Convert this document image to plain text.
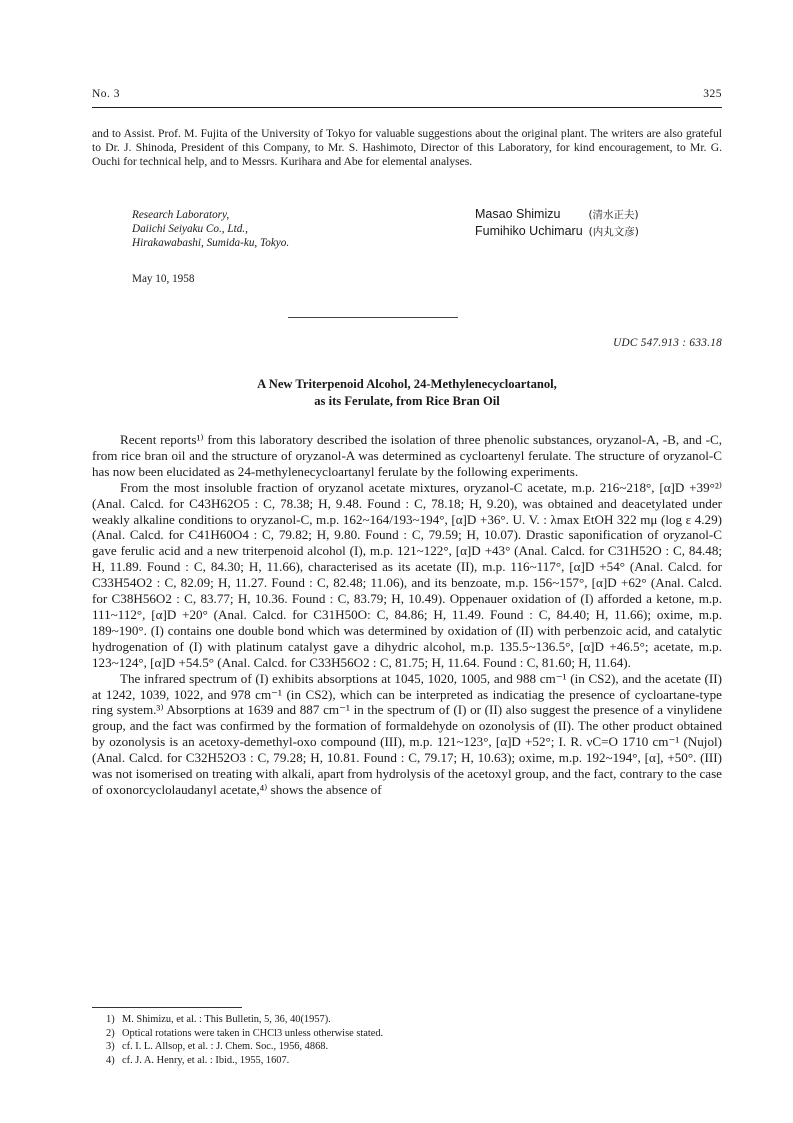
No. 3	325
and to Assist. Prof. M. Fujita of the University of Tokyo for valuable suggestions about the original plant. The writers are also grateful to Dr. J. Shinoda, President of this Company, to Mr. S. Hashimoto, Director of this Laboratory, for kind encouragement, to Mr. G. Ouchi for technical help, and to Messrs. Kurihara and Abe for elemental analyses.
Research Laboratory,
Daiichi Seiyaku Co., Ltd.,
Hirakawabashi, Sumida-ku, Tokyo.
Masao Shimizu	(清水正夫)
Fumihiko Uchimaru (内丸文彦)
May 10, 1958
UDC 547.913 : 633.18
A New Triterpenoid Alcohol, 24-Methylenecycloartanol,
as its Ferulate, from Rice Bran Oil

Recent reports¹⁾ from this laboratory described the isolation of three phenolic substances, oryzanol-A, -B, and -C, from rice bran oil and the structure of oryzanol-A was determined as cycloartenyl ferulate. The structure of oryzanol-C has now been elucidated as 24-methylenecycloartanyl ferulate by the following experiments.

From the most insoluble fraction of oryzanol acetate mixtures, oryzanol-C acetate, m.p. 216~218°, [α]D +39°²⁾ (Anal. Calcd. for C43H62O5 : C, 78.38; H, 9.48. Found : C, 78.18; H, 9.20), was obtained and deacetylated under weakly alkaline conditions to oryzanol-C, m.p. 162~164/193~194°, [α]D +36°. U. V. : λmax EtOH 322 mμ (log ε 4.29) (Anal. Calcd. for C41H60O4 : C, 79.82; H, 9.80. Found : C, 79.59; H, 10.07). Drastic saponification of oryzanol-C gave ferulic acid and a new triterpenoid alcohol (I), m.p. 121~122°, [α]D +43° (Anal. Calcd. for C31H52O : C, 84.48; H, 11.89. Found : C, 84.30; H, 11.66), characterised as its acetate (II), m.p. 116~117°, [α]D +54° (Anal. Calcd. for C33H54O2 : C, 82.09; H, 11.27. Found : C, 82.48; 11.06), and its benzoate, m.p. 156~157°, [α]D +62° (Anal. Calcd. for C38H56O2 : C, 83.77; H, 10.36. Found : C, 83.79; H, 10.49). Oppenauer oxidation of (I) afforded a ketone, m.p. 111~112°, [α]D +20° (Anal. Calcd. for C31H50O: C, 84.86; H, 11.49. Found : C, 84.40; H, 11.66); oxime, m.p. 189~190°. (I) contains one double bond which was determined by oxidation of (II) with perbenzoic acid, and catalytic hydrogenation of (I) with platinum catalyst gave a dihydric alcohol, m.p. 135.5~136.5°, [α]D +46.5°; acetate, m.p. 123~124°, [α]D +54.5° (Anal. Calcd. for C33H56O2 : C, 81.75; H, 11.64. Found : C, 81.60; H, 11.64).

The infrared spectrum of (I) exhibits absorptions at 1045, 1020, 1005, and 988 cm⁻¹ (in CS2), and the acetate (II) at 1242, 1039, 1022, and 978 cm⁻¹ (in CS2), which can be interpreted as indicatiag the presence of cycloartane-type ring system.³⁾ Absorptions at 1639 and 887 cm⁻¹ in the spectrum of (I) or (II) also suggest the presence of a vinylidene group, and the fact was confirmed by the formation of formaldehyde on ozonolysis of (II). The other product obtained by ozonolysis is an acetoxy-demethyl-oxo compound (III), m.p. 121~123°, [α]D +52°; I. R. νC=O 1710 cm⁻¹ (Nujol) (Anal. Calcd. for C32H52O3 : C, 79.28; H, 10.81. Found : C, 79.17; H, 10.63); oxime, m.p. 192~194°, [α], +50°. (III) was not isomerised on treating with alkali, apart from hydrolysis of the acetoxyl group, and the fact, contrary to the case of oxonorcyclolaudanyl acetate,⁴⁾ shows the absence of

1) M. Shimizu, et al. : This Bulletin, 5, 36, 40(1957).
2) Optical rotations were taken in CHCl3 unless otherwise stated.
3) cf. I. L. Allsop, et al. : J. Chem. Soc., 1956, 4868.
4) cf. J. A. Henry, et al. : Ibid., 1955, 1607.
